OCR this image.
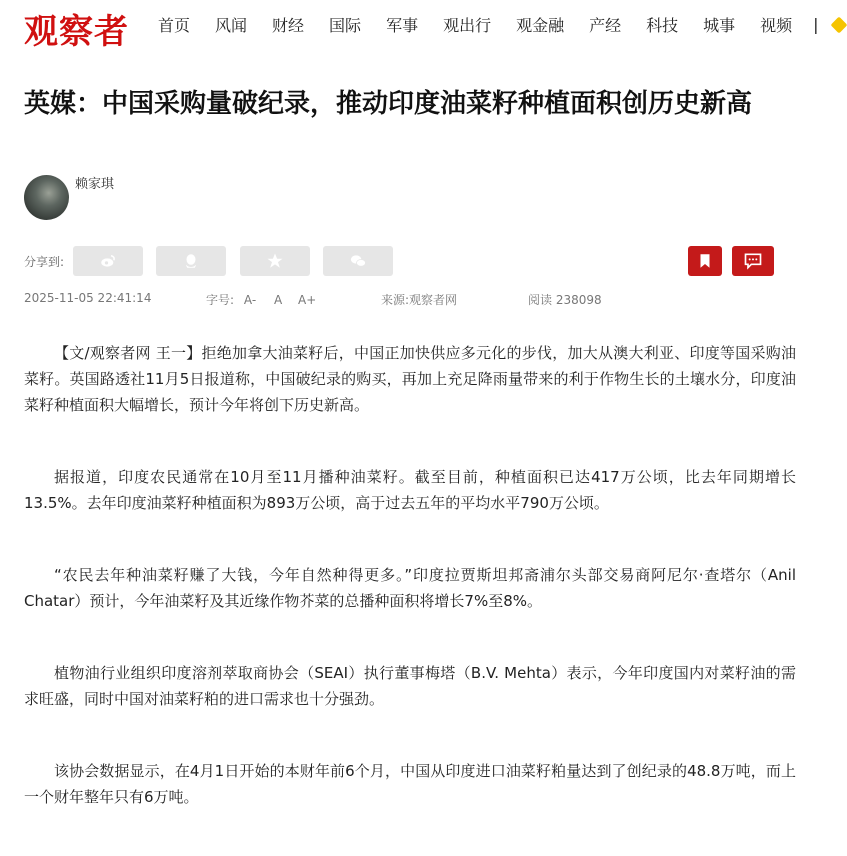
观察者 首页 风闻 财经 国际 军事 观出行 观金融 产经 科技 城事 视频 |
英媒：中国采购量破纪录，推动印度油菜籽种植面积创历史新高
赖家琪
分享到:
2025-11-05 22:41:14	字号: A- A A+	来源:观察者网	阅读 238098

【文/观察者网 王一】拒绝加拿大油菜籽后，中国正加快供应多元化的步伐，加大从澳大利亚、印度等国采购油菜籽。英国路透社11月5日报道称，中国破纪录的购买，再加上充足降雨量带来的利于作物生长的土壤水分，印度油菜籽种植面积大幅增长，预计今年将创下历史新高。

据报道，印度农民通常在10月至11月播种油菜籽。截至目前，种植面积已达417万公顷，比去年同期增长13.5%。去年印度油菜籽种植面积为893万公顷，高于过去五年的平均水平790万公顷。

“农民去年种油菜籽赚了大钱，今年自然种得更多。”印度拉贾斯坦邦斋浦尔头部交易商阿尼尔·查塔尔（Anil Chatar）预计，今年油菜籽及其近缘作物芥菜的总播种面积将增长7%至8%。

植物油行业组织印度溶剂萃取商协会（SEAI）执行董事梅塔（B.V. Mehta）表示，今年印度国内对菜籽油的需求旺盛，同时中国对油菜籽粕的进口需求也十分强劲。

该协会数据显示，在4月1日开始的本财年前6个月，中国从印度进口油菜籽粕量达到了创纪录的48.8万吨，而上一个财年整年只有6万吨。
